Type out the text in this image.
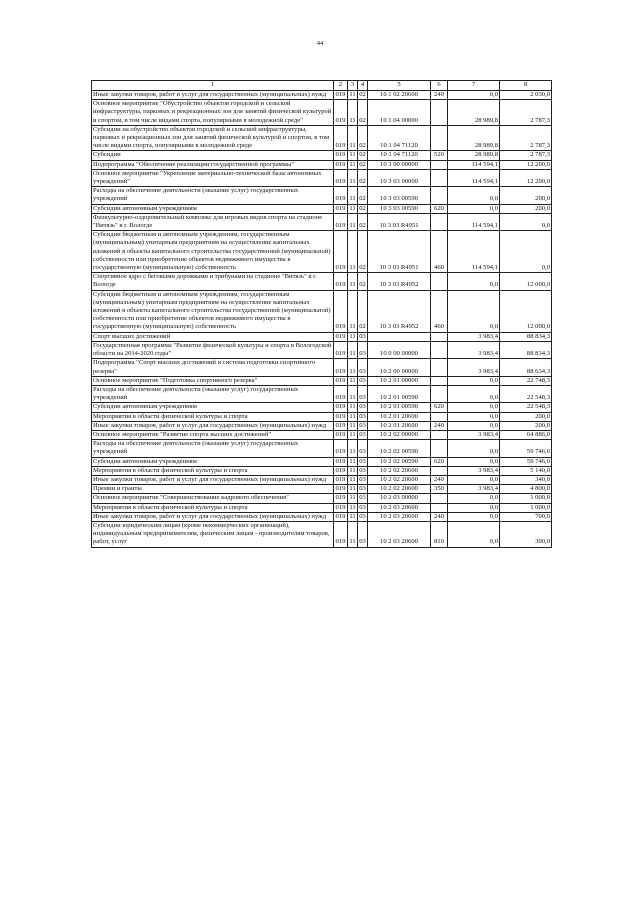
44
1	2	3	4	5	6	7	8
Иные закупки товаров, работ и услуг для государственных (муниципальных) нужд	019	11	02	10 1 02 20600	240	0,0	2 030,0
Основное мероприятие "Обустройство объектов городской и сельской инфраструктуры, парковых и рекреационных зон для занятий физической культурой и спортом, в том числе видами спорта, популярными в молодежной среде"	019	11	02	10 1 04 00000		28 989,8	2 787,3
Субсидии на обустройство объектов городской и сельской инфраструктуры, парковых и рекреационных зон для занятий физической культурой и спортом, в том числе видами спорта, популярными в молодежной среде	019	11	02	10 1 04 71120		28 989,8	2 787,3
Субсидии	019	11	02	10 1 04 71120	520	28 989,8	2 787,3
Подпрограмма "Обеспечение реализации государственной программы"	019	11	02	10 3 00 00000		114 594,1	12 200,0
Основное мероприятие "Укрепление материально-технической базы автономных учреждений"	019	11	02	10 3 03 00000		114 594,1	12 200,0
Расходы на обеспечение деятельности (оказание услуг) государственных учреждений	019	11	02	10 3 03 00590		0,0	200,0
Субсидии автономным учреждениям	019	11	02	10 3 03 00590	620	0,0	200,0
Физкультурно-оздоровительный комплекс для игровых видов спорта на стадионе "Витязь" в г. Вологде	019	11	02	10 3 03 R4951		114 594,1	0,0
Субсидии бюджетным и автономным учреждениям, государственным (муниципальным) унитарным предприятиям на осуществление капитальных вложений в объекты капитального строительства государственной (муниципальной) собственности или приобретение объектов недвижимого имущества в государственную (муниципальную) собственность	019	11	02	10 3 03 R4951	460	114 594,1	0,0
Спортивное ядро с беговыми дорожками и трибунами на стадионе "Витязь" в г. Вологде	019	11	02	10 3 03 R4952		0,0	12 000,0
Субсидии бюджетным и автономным учреждениям, государственным (муниципальным) унитарным предприятиям на осуществление капитальных вложений в объекты капитального строительства государственной (муниципальной) собственности или приобретение объектов недвижимого имущества в государственную (муниципальную) собственность	019	11	02	10 3 03 R4952	460	0,0	12 000,0
Спорт высших достижений	019	11	03			3 983,4	88 834,3
Государственная программа "Развитие физической культуры и спорта в Вологодской области на 2014-2020 годы"	019	11	03	10 0 00 00000		3 983,4	88 834,3
Подпрограмма "Спорт высших достижений и система подготовки спортивного резерва"	019	11	03	10 2 00 00000		3 983,4	88 634,3
Основное мероприятие "Подготовка спортивного резерва"	019	11	03	10 2 01 00000		0,0	22 748,3
Расходы на обеспечение деятельности (оказание услуг) государственных учреждений	019	11	03	10 2 01 00590		0,0	22 548,3
Субсидии автономным учреждениям	019	11	03	10 2 01 00590	620	0,0	22 548,3
Мероприятия в области физической культуры и спорта	019	11	03	10 2 01 20600		0,0	200,0
Иные закупки товаров, работ и услуг для государственных (муниципальных) нужд	019	11	03	10 2 01 20600	240	0,0	200,0
Основное мероприятие "Развитие спорта высших достижений"	019	11	03	10 2 02 00000		3 983,4	64 886,0
Расходы на обеспечение деятельности (оказание услуг) государственных учреждений	019	11	03	10 2 02 00590		0,0	59 746,0
Субсидии автономным учреждениям	019	11	03	10 2 02 00590	620	0,0	59 746,0
Мероприятия в области физической культуры и спорта	019	11	03	10 2 02 20600		3 983,4	5 140,0
Иные закупки товаров, работ и услуг для государственных (муниципальных) нужд	019	11	03	10 2 02 20600	240	0,0	340,0
Премии и гранты	019	11	03	10 2 02 20600	350	3 983,4	4 800,0
Основное мероприятие "Совершенствование кадрового обеспечения"	019	11	03	10 2 03 00000		0,0	1 000,0
Мероприятия в области физической культуры и спорта	019	11	03	10 2 03 20600		0,0	1 000,0
Иные закупки товаров, работ и услуг для государственных (муниципальных) нужд	019	11	03	10 2 03 20600	240	0,0	700,0
Субсидии юридическим лицам (кроме некоммерческих организаций), индивидуальным предпринимателям, физическим лицам - производителям товаров, работ, услуг	019	11	03	10 2 03 20600	810	0,0	300,0
